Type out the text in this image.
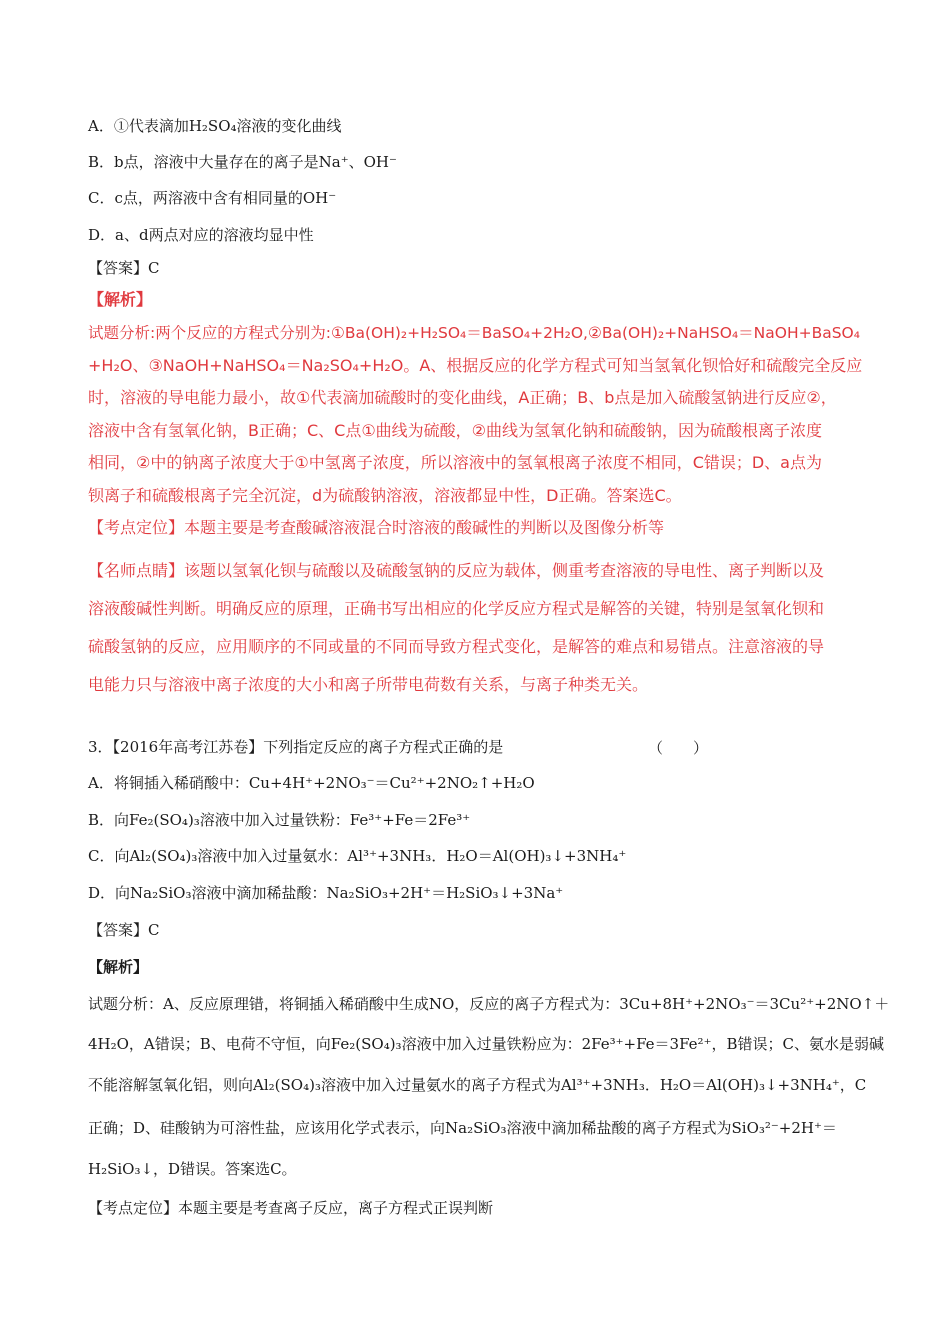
A．①代表滴加H₂SO₄溶液的变化曲线
B．b点，溶液中大量存在的离子是Na⁺、OH⁻
C．c点，两溶液中含有相同量的OH⁻
D．a、d两点对应的溶液均显中性
【答案】C
【解析】
试题分析:两个反应的方程式分别为:①Ba(OH)₂+H₂SO₄＝BaSO₄+2H₂O,②Ba(OH)₂+NaHSO₄＝NaOH+BaSO₄
+H₂O、③NaOH+NaHSO₄＝Na₂SO₄+H₂O。A、根据反应的化学方程式可知当氢氧化钡恰好和硫酸完全反应
时，溶液的导电能力最小，故①代表滴加硫酸时的变化曲线，A正确；B、b点是加入硫酸氢钠进行反应②，
溶液中含有氢氧化钠，B正确；C、C点①曲线为硫酸，②曲线为氢氧化钠和硫酸钠，因为硫酸根离子浓度
相同，②中的钠离子浓度大于①中氢离子浓度，所以溶液中的氢氧根离子浓度不相同，C错误；D、a点为
钡离子和硫酸根离子完全沉淀，d为硫酸钠溶液，溶液都显中性，D正确。答案选C。
【考点定位】本题主要是考查酸碱溶液混合时溶液的酸碱性的判断以及图像分析等
【名师点睛】该题以氢氧化钡与硫酸以及硫酸氢钠的反应为载体，侧重考查溶液的导电性、离子判断以及
溶液酸碱性判断。明确反应的原理，正确书写出相应的化学反应方程式是解答的关键，特别是氢氧化钡和
硫酸氢钠的反应，应用顺序的不同或量的不同而导致方程式变化，是解答的难点和易错点。注意溶液的导
电能力只与溶液中离子浓度的大小和离子所带电荷数有关系，与离子种类无关。
3．【2016年高考江苏卷】下列指定反应的离子方程式正确的是	（　　）
A．将铜插入稀硝酸中：Cu+4H⁺+2NO₃⁻＝Cu²⁺+2NO₂↑+H₂O
B．向Fe₂(SO₄)₃溶液中加入过量铁粉：Fe³⁺+Fe＝2Fe³⁺
C．向Al₂(SO₄)₃溶液中加入过量氨水：Al³⁺+3NH₃．H₂O＝Al(OH)₃↓+3NH₄⁺
D．向Na₂SiO₃溶液中滴加稀盐酸：Na₂SiO₃+2H⁺＝H₂SiO₃↓+3Na⁺
【答案】C
【解析】
试题分析：A、反应原理错，将铜插入稀硝酸中生成NO，反应的离子方程式为：3Cu+8H⁺+2NO₃⁻＝3Cu²⁺+2NO↑＋
4H₂O，A错误；B、电荷不守恒，向Fe₂(SO₄)₃溶液中加入过量铁粉应为：2Fe³⁺+Fe＝3Fe²⁺，B错误；C、氨水是弱碱
不能溶解氢氧化铝，则向Al₂(SO₄)₃溶液中加入过量氨水的离子方程式为Al³⁺+3NH₃．H₂O＝Al(OH)₃↓+3NH₄⁺，C
正确；D、硅酸钠为可溶性盐，应该用化学式表示，向Na₂SiO₃溶液中滴加稀盐酸的离子方程式为SiO₃²⁻+2H⁺＝
H₂SiO₃↓，D错误。答案选C。
【考点定位】本题主要是考查离子反应，离子方程式正误判断
